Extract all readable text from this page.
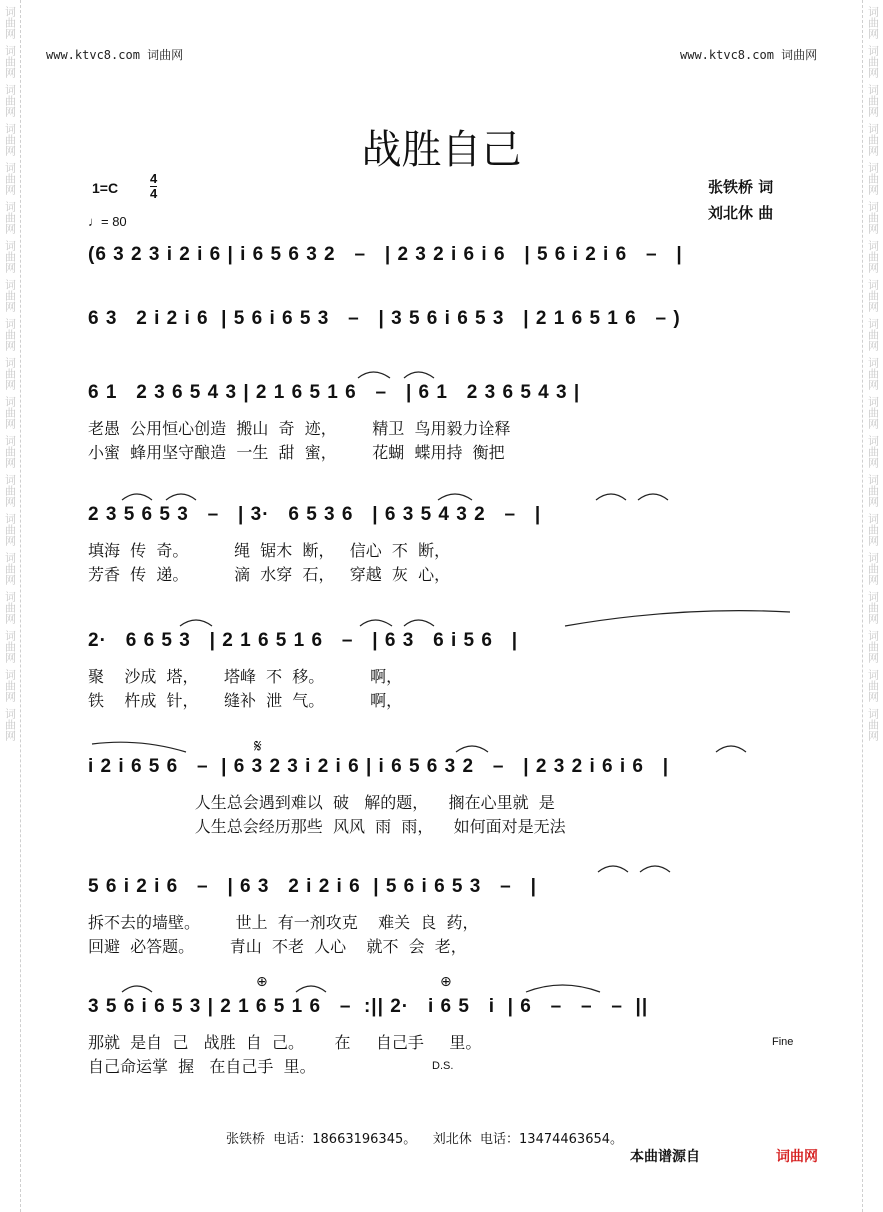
词曲网
词曲网
词曲网
词曲网
词曲网
词曲网
词曲网
词曲网
词曲网
词曲网
词曲网
词曲网
词曲网
词曲网
词曲网
词曲网
词曲网
词曲网
词曲网
词曲网
词曲网
词曲网
词曲网
词曲网
词曲网
词曲网
词曲网
词曲网
词曲网
词曲网
词曲网
词曲网
词曲网
词曲网
词曲网
词曲网
词曲网
词曲网
www.ktvc8.com 词曲网	www.ktvc8.com 词曲网
战胜自己
1=C
4
4
♩= 80
张铁桥 词
刘北休 曲
(6 3 2 3 i 2 i 6 | i 6 5 6 3 2   –   | 2 3 2 i 6 i 6   | 5 6 i 2 i 6   –   |
6 3   2 i 2 i 6  | 5 6 i 6 5 3   –   | 3 5 6 i 6 5 3   | 2 1 6 5 1 6   – )
6 1   2 3 6 5 4 3 | 2 1 6 5 1 6   –   | 6 1   2 3 6 5 4 3 |
老愚  公用恒心创造  搬山  奇  迹，       精卫  鸟用毅力诠释
小蜜  蜂用坚守酿造  一生  甜  蜜，       花蝴  蝶用持  衡把
2 3 5 6 5 3   –   | 3·   6 5 3 6   | 6 3 5 4 3 2   –   |
填海  传  奇。         绳  锯木  断，   信心  不  断，
芳香  传  递。         滴  水穿  石，   穿越  灰  心，
2·   6 6 5 3   | 2 1 6 5 1 6   –   | 6 3   6 i 5 6   |
聚    沙成  塔，     塔峰  不  移。         啊，
铁    杵成  针，     缝补  泄  气。         啊，
i 2 i 6 5 6   –  | 6 3 2 3 i 2 i 6 | i 6 5 6 3 2   –   | 2 3 2 i 6 i 6   |
人生总会遇到难以  破   解的题，    搁在心里就  是
人生总会经历那些  风风  雨  雨，    如何面对是无法
5 6 i 2 i 6   –   | 6 3   2 i 2 i 6  | 5 6 i 6 5 3   –   |
拆不去的墙壁。       世上  有一剂攻克    难关  良  药，
回避  必答题。       青山  不老  人心    就不  会  老，
3 5 6 i 6 5 3 | 2 1 6 5 1 6   –  :|| 2·   i 6 5   i  | 6   –   –   –  ||
那就  是自  己   战胜  自  己。      在     自己手     里。
自己命运掌  握   在自己手  里。
𝄋
⊕	⊕
Fine
D.S.
张铁桥  电话：18663196345。    刘北休  电话：13474463654。
本曲谱源自	词曲网
